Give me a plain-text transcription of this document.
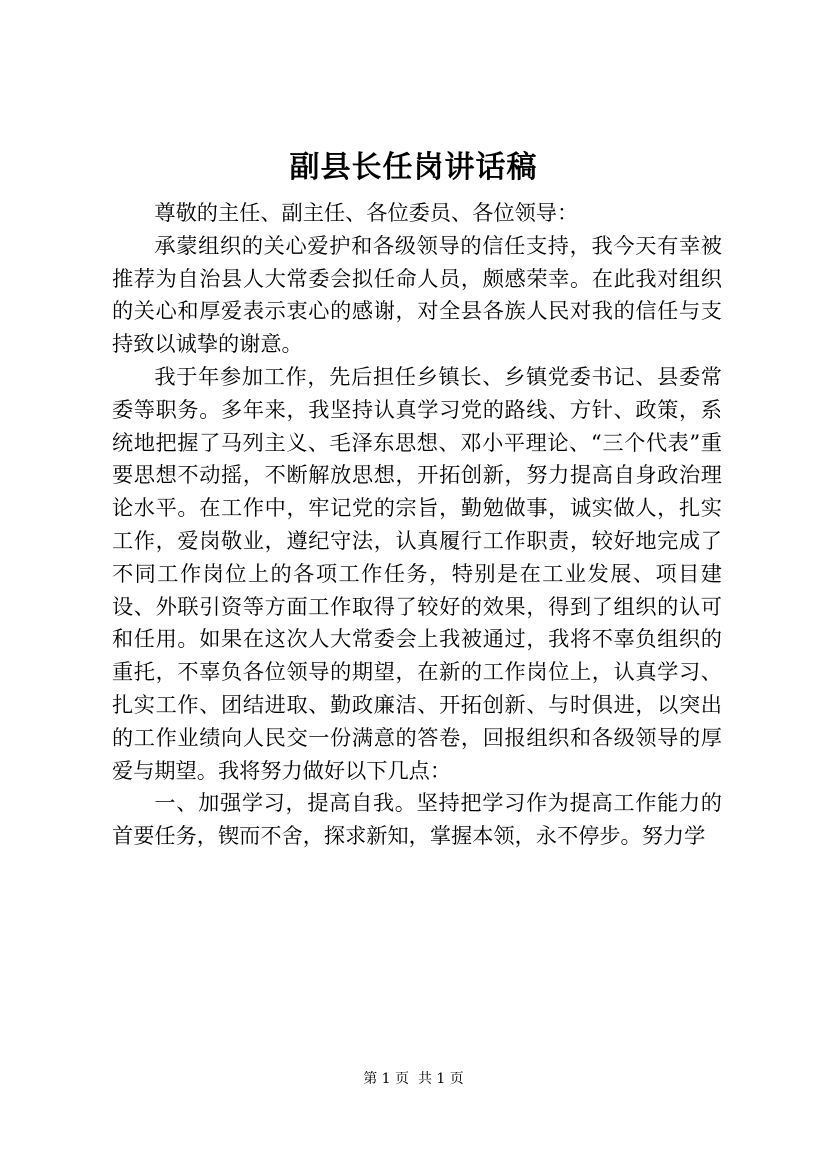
副县长任岗讲话稿

尊敬的主任、副主任、各位委员、各位领导：

承蒙组织的关心爱护和各级领导的信任支持，我今天有幸被推荐为自治县人大常委会拟任命人员，颇感荣幸。在此我对组织的关心和厚爱表示衷心的感谢，对全县各族人民对我的信任与支持致以诚挚的谢意。

我于年参加工作，先后担任乡镇长、乡镇党委书记、县委常委等职务。多年来，我坚持认真学习党的路线、方针、政策，系统地把握了马列主义、毛泽东思想、邓小平理论、“三个代表”重要思想不动摇，不断解放思想，开拓创新，努力提高自身政治理论水平。在工作中，牢记党的宗旨，勤勉做事，诚实做人，扎实工作，爱岗敬业，遵纪守法，认真履行工作职责，较好地完成了不同工作岗位上的各项工作任务，特别是在工业发展、项目建设、外联引资等方面工作取得了较好的效果，得到了组织的认可和任用。如果在这次人大常委会上我被通过，我将不辜负组织的重托，不辜负各位领导的期望，在新的工作岗位上，认真学习、扎实工作、团结进取、勤政廉洁、开拓创新、与时俱进，以突出的工作业绩向人民交一份满意的答卷，回报组织和各级领导的厚爱与期望。我将努力做好以下几点：

一、加强学习，提高自我。坚持把学习作为提高工作能力的首要任务，锲而不舍，探求新知，掌握本领，永不停步。努力学

第 1 页  共 1 页
